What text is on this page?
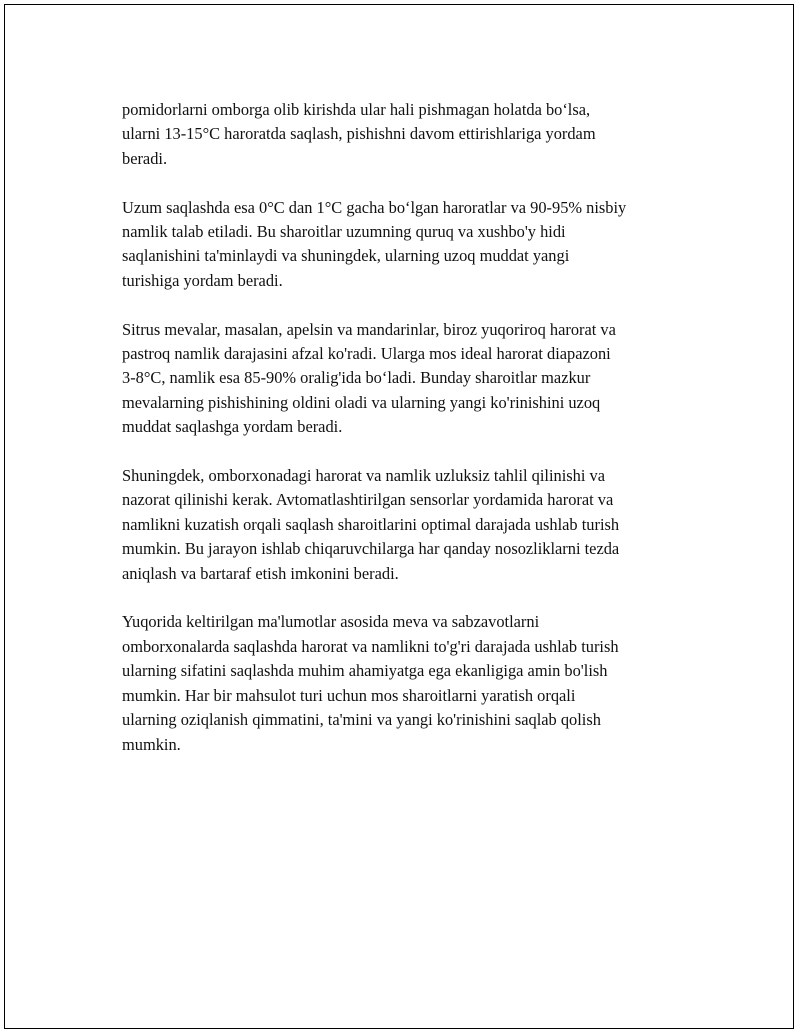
pomidorlarni omborga olib kirishda ular hali pishmagan holatda bo‘lsa,
ularni 13-15°C haroratda saqlash, pishishni davom ettirishlariga yordam
beradi.

Uzum saqlashda esa 0°C dan 1°C gacha bo‘lgan haroratlar va 90-95% nisbiy
namlik talab etiladi. Bu sharoitlar uzumning quruq va xushbo'y hidi
saqlanishini ta'minlaydi va shuningdek, ularning uzoq muddat yangi
turishiga yordam beradi.

Sitrus mevalar, masalan, apelsin va mandarinlar, biroz yuqoriroq harorat va
pastroq namlik darajasini afzal ko'radi. Ularga mos ideal harorat diapazoni
3-8°C, namlik esa 85-90% oralig'ida bo‘ladi. Bunday sharoitlar mazkur
mevalarning pishishining oldini oladi va ularning yangi ko'rinishini uzoq
muddat saqlashga yordam beradi.

Shuningdek, omborxonadagi harorat va namlik uzluksiz tahlil qilinishi va
nazorat qilinishi kerak. Avtomatlashtirilgan sensorlar yordamida harorat va
namlikni kuzatish orqali saqlash sharoitlarini optimal darajada ushlab turish
mumkin. Bu jarayon ishlab chiqaruvchilarga har qanday nosozliklarni tezda
aniqlash va bartaraf etish imkonini beradi.

Yuqorida keltirilgan ma'lumotlar asosida meva va sabzavotlarni
omborxonalarda saqlashda harorat va namlikni to'g'ri darajada ushlab turish
ularning sifatini saqlashda muhim ahamiyatga ega ekanligiga amin bo'lish
mumkin. Har bir mahsulot turi uchun mos sharoitlarni yaratish orqali
ularning oziqlanish qimmatini, ta'mini va yangi ko'rinishini saqlab qolish
mumkin.
